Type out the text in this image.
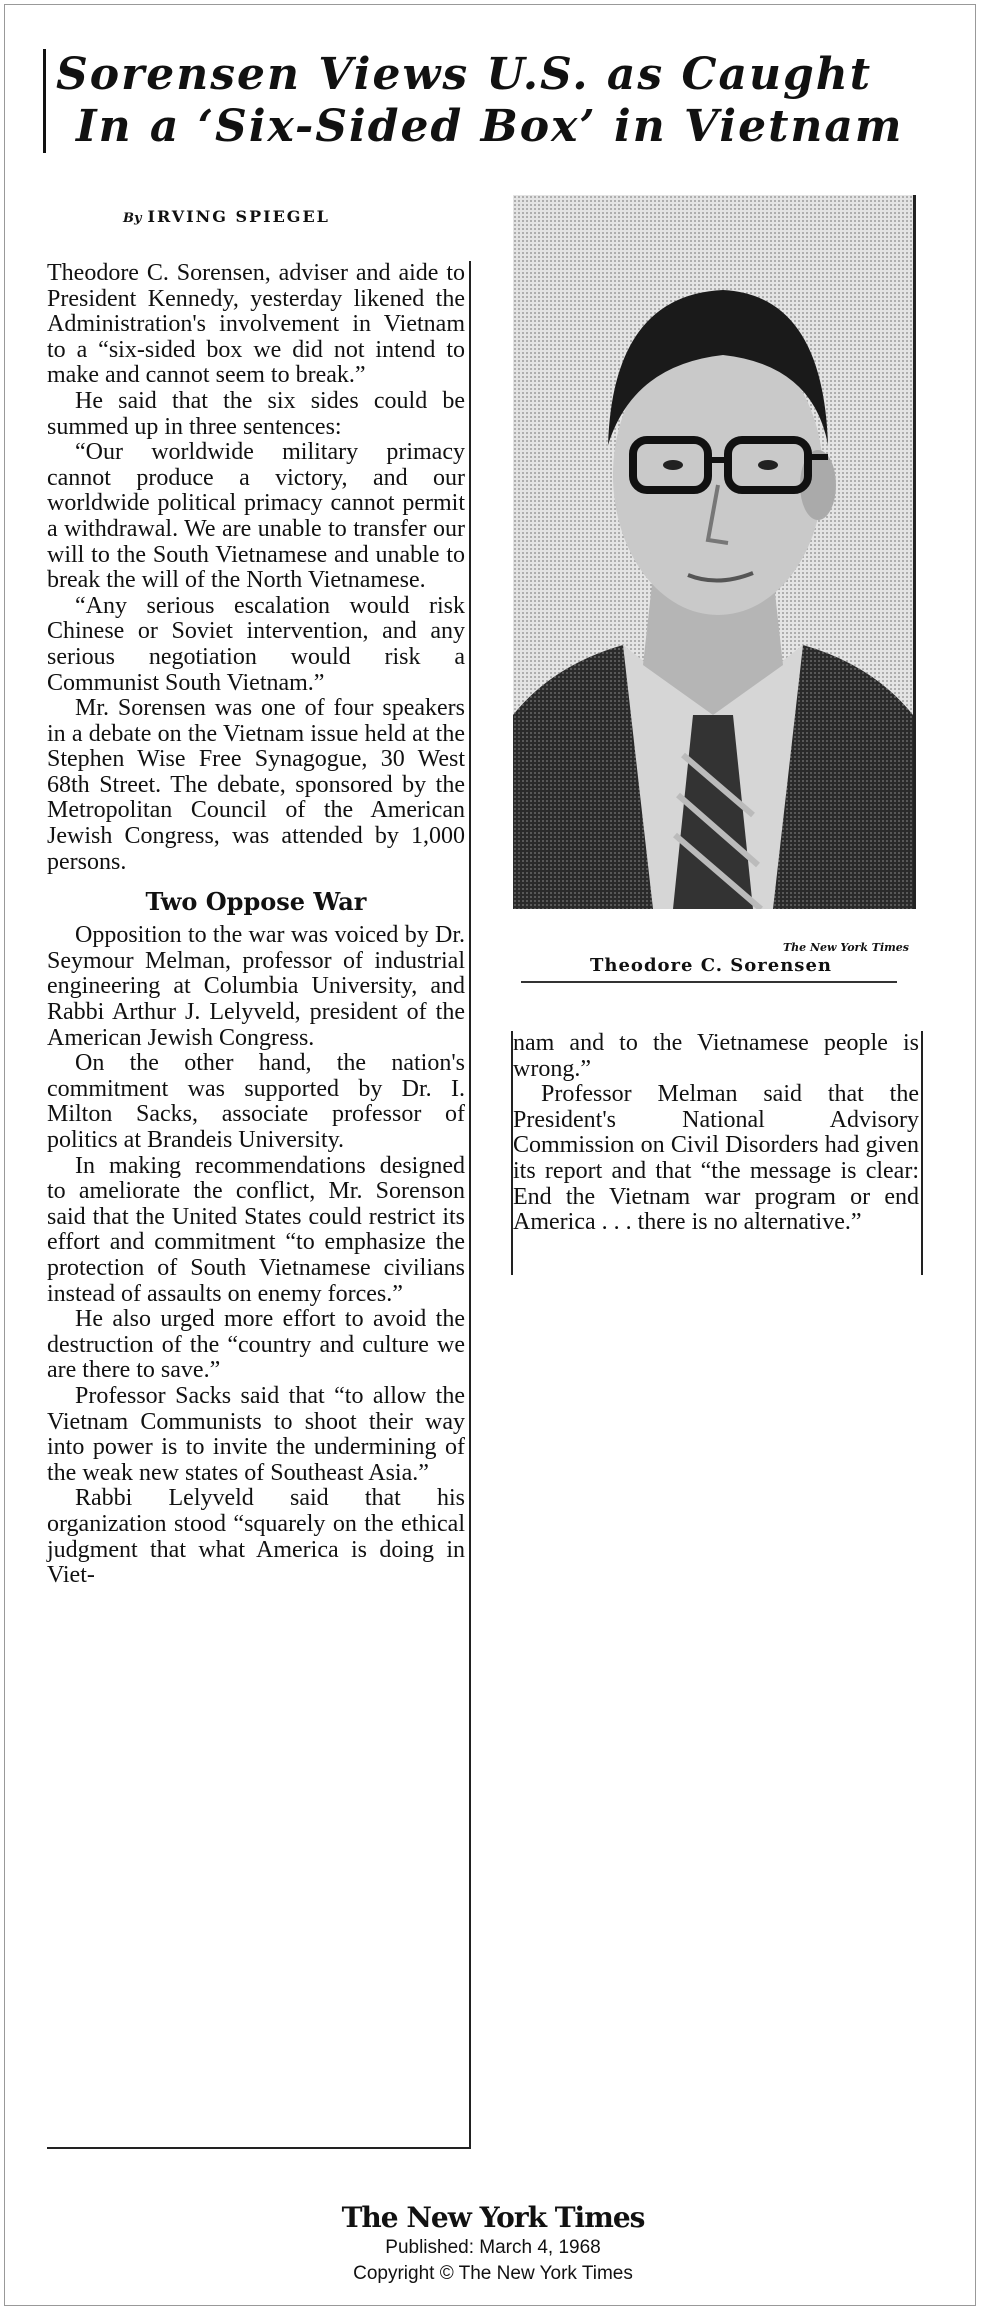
Sorensen Views U.S. as Caught
In a ‘Six-Sided Box’ in Vietnam
By IRVING SPIEGEL

Theodore C. Sorensen, adviser and aide to President Kennedy, yesterday likened the Administration's involvement in Vietnam to a “six-sided box we did not intend to make and cannot seem to break.”

He said that the six sides could be summed up in three sentences:

“Our worldwide military primacy cannot produce a victory, and our worldwide political primacy cannot permit a withdrawal. We are unable to transfer our will to the South Vietnamese and unable to break the will of the North Vietnamese.

“Any serious escalation would risk Chinese or Soviet intervention, and any serious negotiation would risk a Communist South Vietnam.”

Mr. Sorensen was one of four speakers in a debate on the Vietnam issue held at the Stephen Wise Free Synagogue, 30 West 68th Street. The debate, sponsored by the Metropolitan Council of the American Jewish Congress, was attended by 1,000 persons.

Two Oppose War

Opposition to the war was voiced by Dr. Seymour Melman, professor of industrial engineering at Columbia University, and Rabbi Arthur J. Lelyveld, president of the American Jewish Congress.

On the other hand, the nation's commitment was supported by Dr. I. Milton Sacks, associate professor of politics at Brandeis University.

In making recommendations designed to ameliorate the conflict, Mr. Sorenson said that the United States could restrict its effort and commitment “to emphasize the protection of South Vietnamese civilians instead of assaults on enemy forces.”

He also urged more effort to avoid the destruction of the “country and culture we are there to save.”

Professor Sacks said that “to allow the Vietnam Communists to shoot their way into power is to invite the undermining of the weak new states of Southeast Asia.”

Rabbi Lelyveld said that his organization stood “squarely on the ethical judgment that what America is doing in Viet-

The New York Times
Theodore C. Sorensen

nam and to the Vietnamese people is wrong.”

Professor Melman said that the President's National Advisory Commission on Civil Disorders had given its report and that “the message is clear: End the Vietnam war program or end America . . . there is no alternative.”

The New York Times
Published: March 4, 1968
Copyright © The New York Times
